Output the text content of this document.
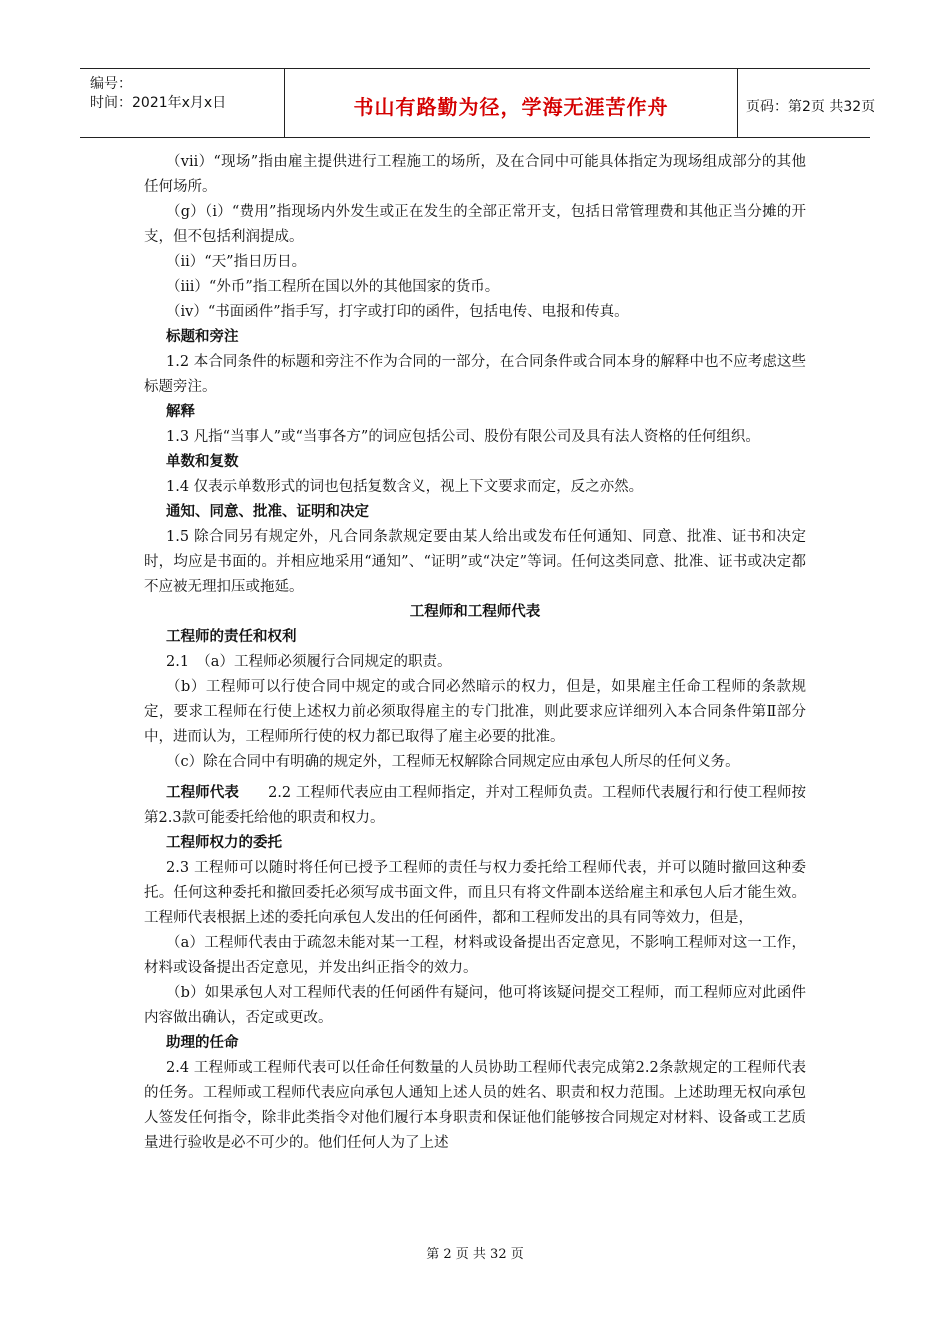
编号：
时间：2021年x月x日	书山有路勤为径，学海无涯苦作舟	页码：第2页 共32页

（vii）“现场”指由雇主提供进行工程施工的场所，及在合同中可能具体指定为现场组成部分的其他任何场所。

（g）（i）“费用”指现场内外发生或正在发生的全部正常开支，包括日常管理费和其他正当分摊的开支，但不包括利润提成。

（ii）“天”指日历日。

（iii）“外币”指工程所在国以外的其他国家的货币。

（iv）“书面函件”指手写，打字或打印的函件，包括电传、电报和传真。

标题和旁注

1.2 本合同条件的标题和旁注不作为合同的一部分，在合同条件或合同本身的解释中也不应考虑这些标题旁注。

解释

1.3 凡指“当事人”或“当事各方”的词应包括公司、股份有限公司及具有法人资格的任何组织。

单数和复数

1.4 仅表示单数形式的词也包括复数含义，视上下文要求而定，反之亦然。

通知、同意、批准、证明和决定

1.5 除合同另有规定外，凡合同条款规定要由某人给出或发布任何通知、同意、批准、证书和决定时，均应是书面的。并相应地采用“通知”、“证明”或“决定”等词。任何这类同意、批准、证书或决定都不应被无理扣压或拖延。

工程师和工程师代表

工程师的责任和权利

2.1　（a）工程师必须履行合同规定的职责。

（b）工程师可以行使合同中规定的或合同必然暗示的权力，但是，如果雇主任命工程师的条款规定，要求工程师在行使上述权力前必须取得雇主的专门批准，则此要求应详细列入本合同条件第Ⅱ部分中，进而认为，工程师所行使的权力都已取得了雇主必要的批准。

（c）除在合同中有明确的规定外，工程师无权解除合同规定应由承包人所尽的任何义务。

工程师代表　　 2.2 工程师代表应由工程师指定，并对工程师负责。工程师代表履行和行使工程师按第2.3款可能委托给他的职责和权力。

工程师权力的委托

2.3 工程师可以随时将任何已授予工程师的责任与权力委托给工程师代表，并可以随时撤回这种委托。任何这种委托和撤回委托必须写成书面文件，而且只有将文件副本送给雇主和承包人后才能生效。工程师代表根据上述的委托向承包人发出的任何函件，都和工程师发出的具有同等效力，但是，

（a）工程师代表由于疏忽未能对某一工程，材料或设备提出否定意见，不影响工程师对这一工作，材料或设备提出否定意见，并发出纠正指令的效力。

（b）如果承包人对工程师代表的任何函件有疑问，他可将该疑问提交工程师，而工程师应对此函件内容做出确认，否定或更改。

助理的任命

2.4 工程师或工程师代表可以任命任何数量的人员协助工程师代表完成第2.2条款规定的工程师代表的任务。工程师或工程师代表应向承包人通知上述人员的姓名、职责和权力范围。上述助理无权向承包人签发任何指令，除非此类指令对他们履行本身职责和保证他们能够按合同规定对材料、设备或工艺质量进行验收是必不可少的。他们任何人为了上述

第 2 页 共 32 页
